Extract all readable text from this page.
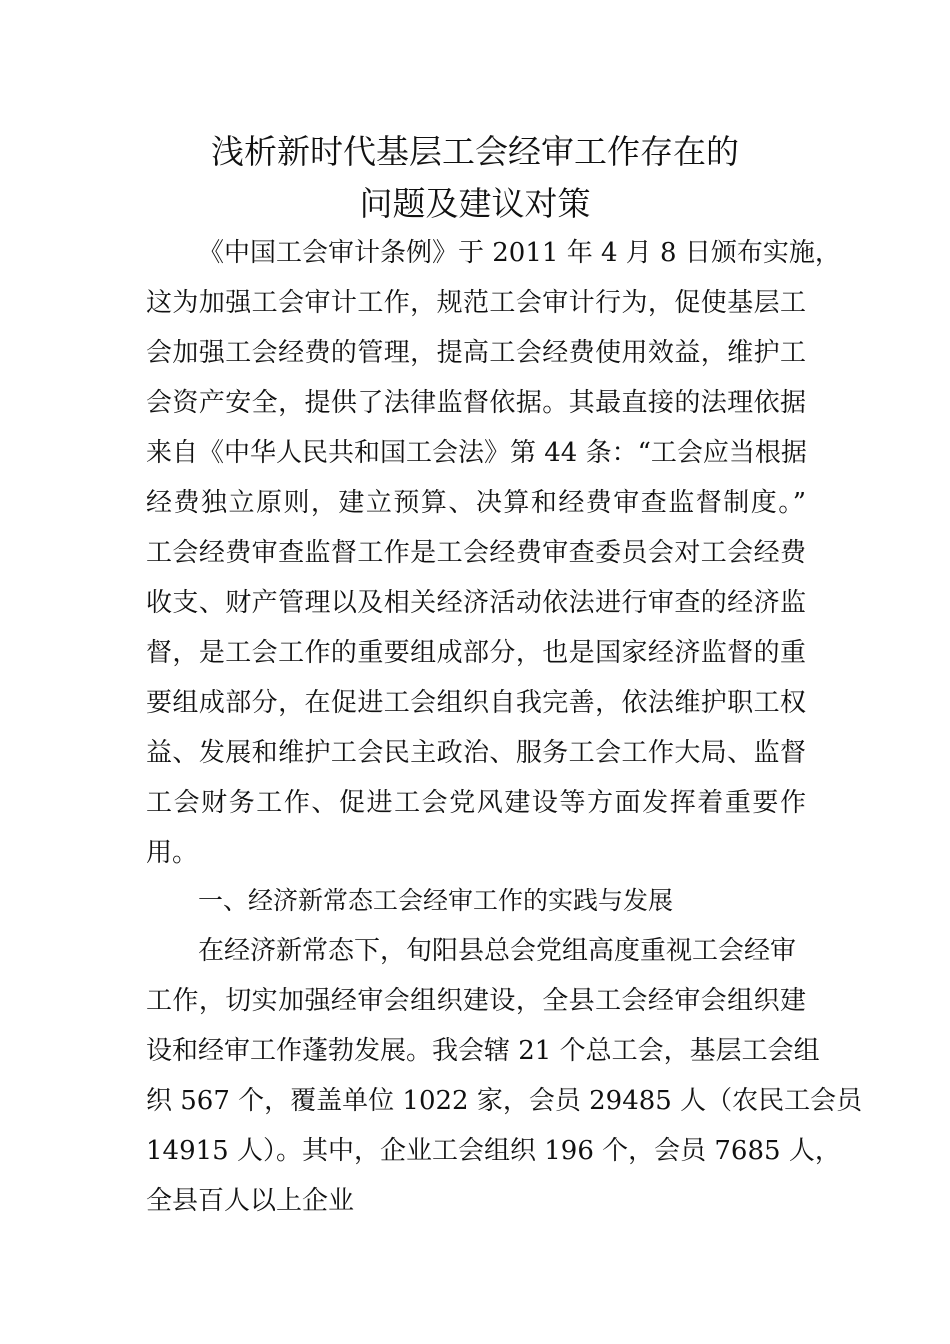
浅析新时代基层工会经审工作存在的
问题及建议对策
《中国工会审计条例》于 2011 年 4 月 8 日颁布实施，
这为加强工会审计工作，规范工会审计行为，促使基层工
会加强工会经费的管理，提高工会经费使用效益，维护工
会资产安全，提供了法律监督依据。其最直接的法理依据
来自《中华人民共和国工会法》第 44 条：“工会应当根据
经费独立原则，建立预算、决算和经费审查监督制度。”
工会经费审查监督工作是工会经费审查委员会对工会经费
收支、财产管理以及相关经济活动依法进行审查的经济监
督，是工会工作的重要组成部分，也是国家经济监督的重
要组成部分，在促进工会组织自我完善，依法维护职工权
益、发展和维护工会民主政治、服务工会工作大局、监督
工会财务工作、促进工会党风建设等方面发挥着重要作
用。
一、经济新常态工会经审工作的实践与发展
在经济新常态下，旬阳县总会党组高度重视工会经审
工作，切实加强经审会组织建设，全县工会经审会组织建
设和经审工作蓬勃发展。我会辖 21 个总工会，基层工会组
织 567 个，覆盖单位 1022 家，会员 29485 人（农民工会员
14915 人）。其中，企业工会组织 196 个，会员 7685 人，
全县百人以上企业
